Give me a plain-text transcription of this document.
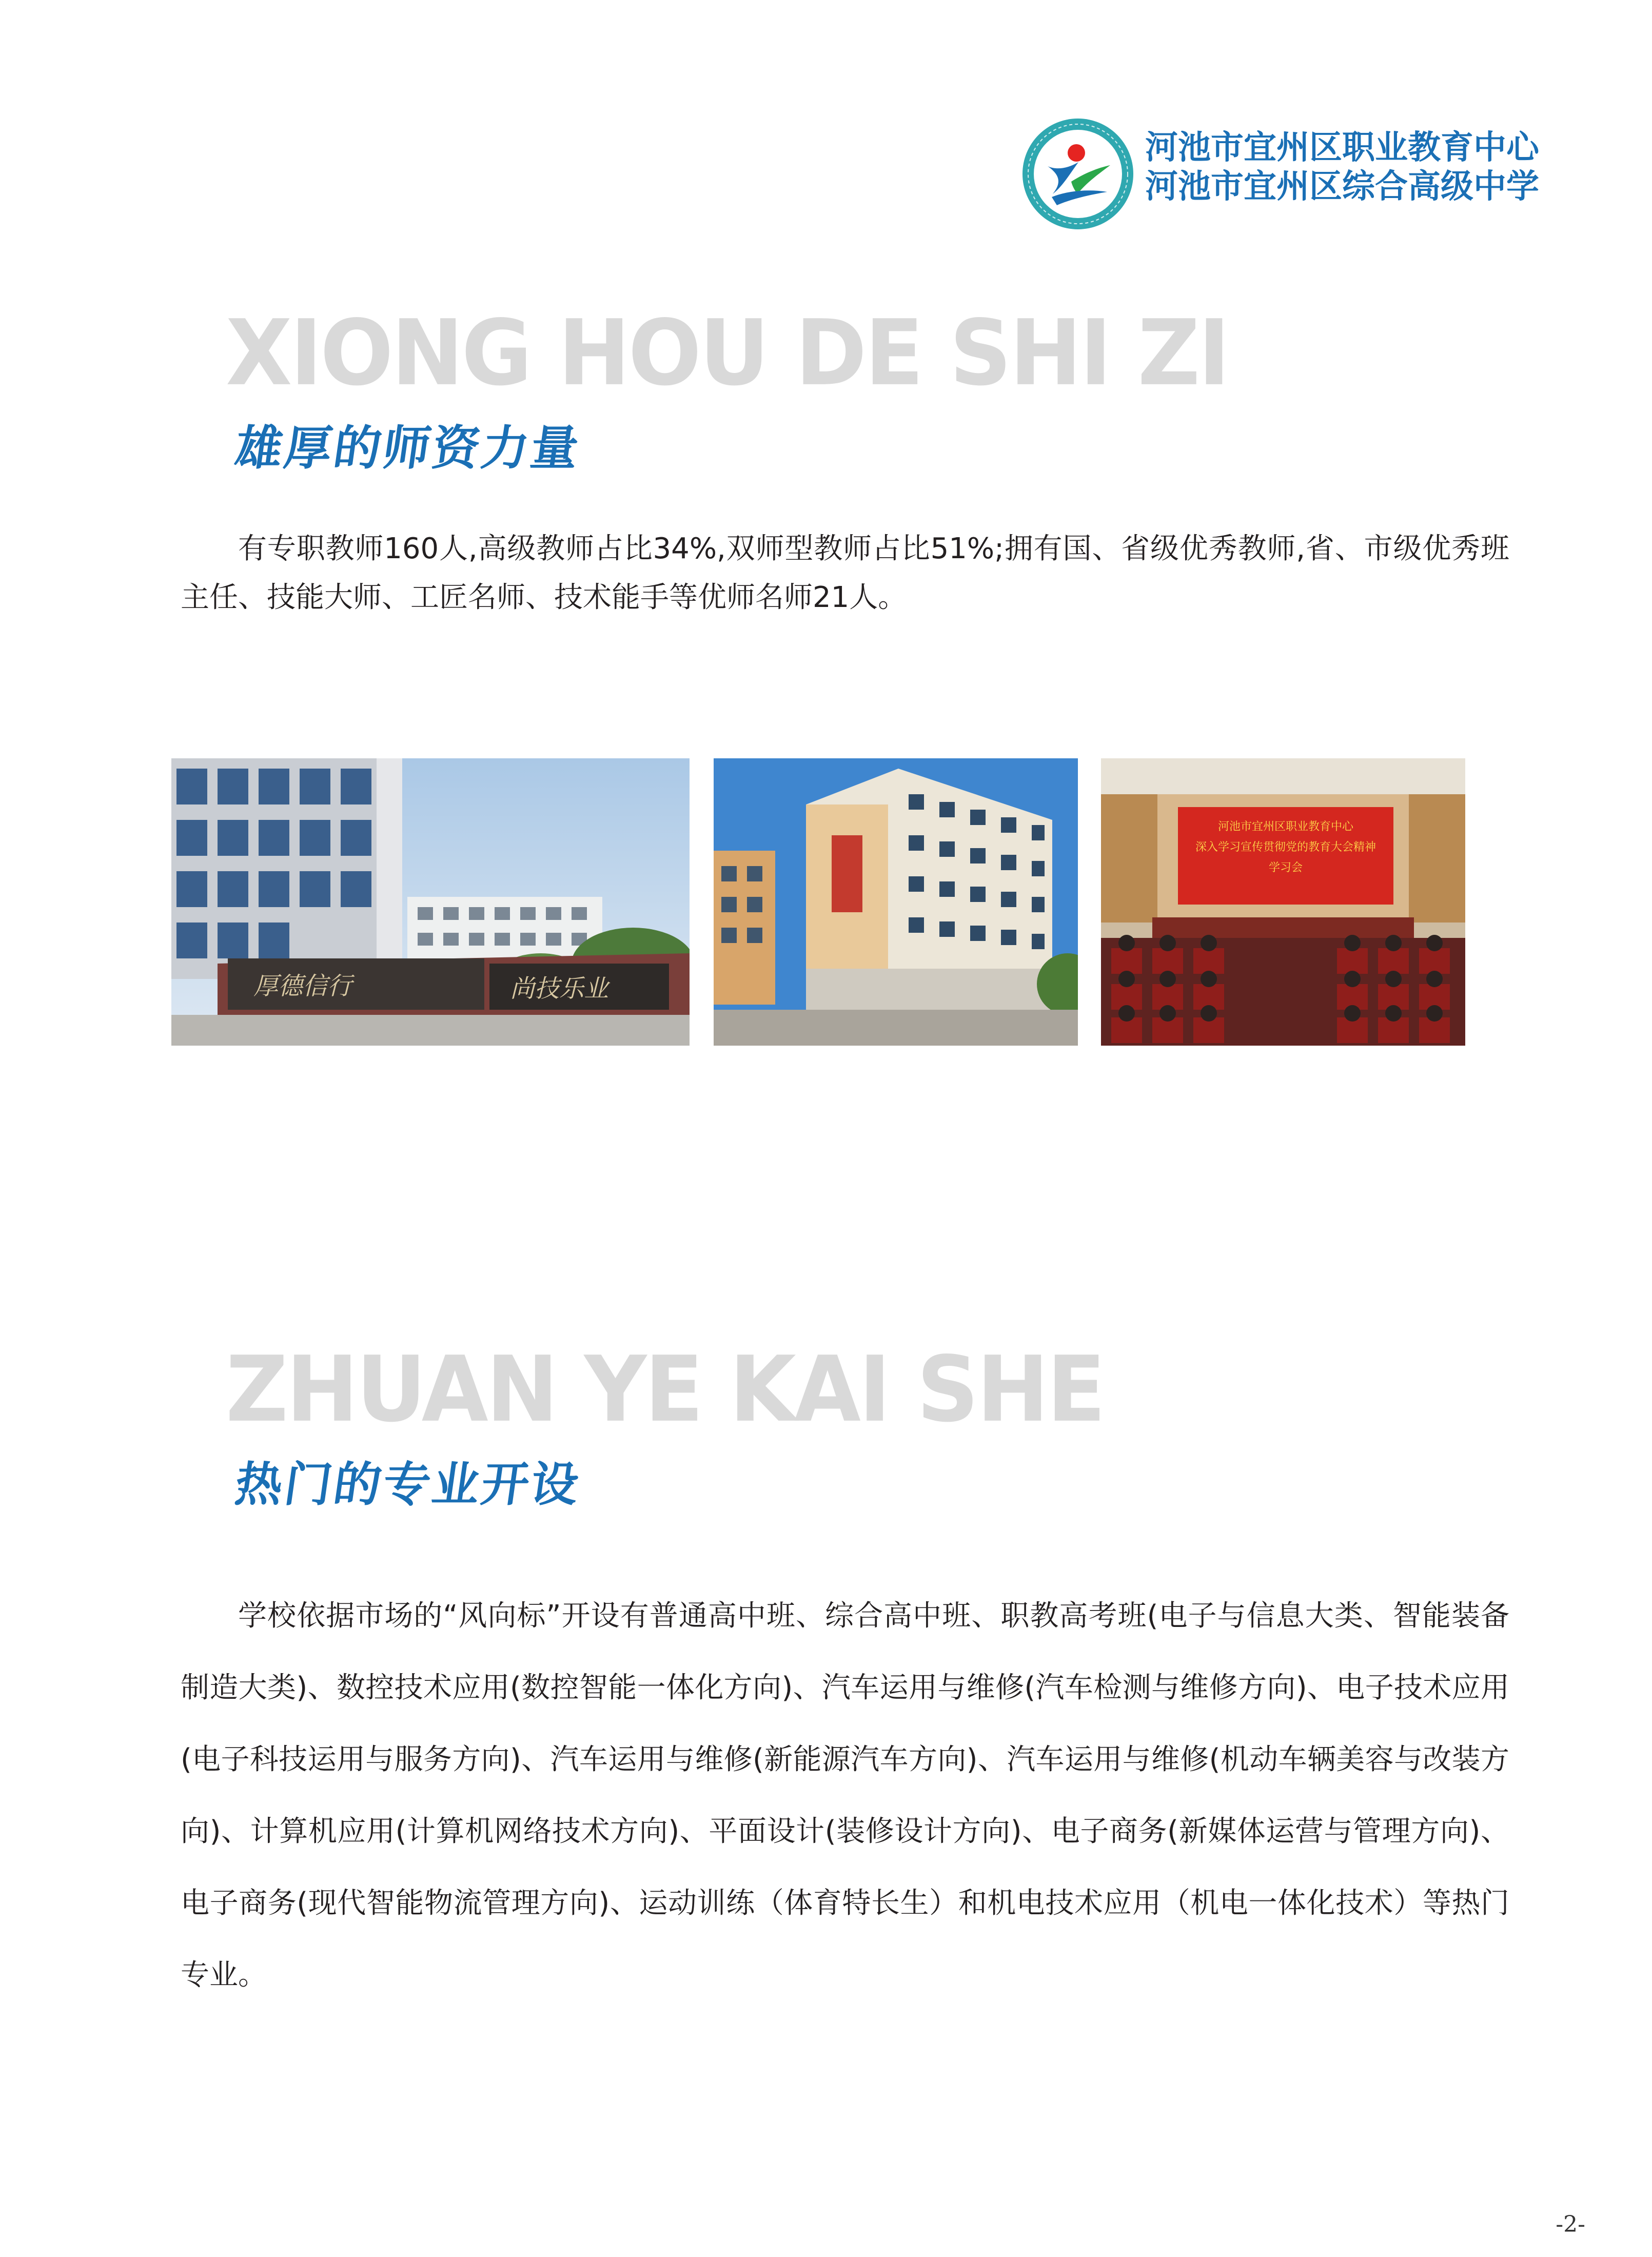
河池市宜州区职业教育中心
河池市宜州区综合高级中学
XIONG HOU DE SHI ZI
雄厚的师资力量
有专职教师160人,高级教师占比34%,双师型教师占比51%;拥有国、省级优秀教师,省、市级优秀班主任、技能大师、工匠名师、技术能手等优师名师21人。
厚德信行	尚技乐业
河池市宜州区职业教育中心
深入学习宣传贯彻党的教育大会精神
学习会
ZHUAN YE KAI SHE
热门的专业开设
学校依据市场的“风向标”开设有普通高中班、综合高中班、职教高考班(电子与信息大类、智能装备制造大类)、数控技术应用(数控智能一体化方向)、汽车运用与维修(汽车检测与维修方向)、电子技术应用(电子科技运用与服务方向)、汽车运用与维修(新能源汽车方向)、汽车运用与维修(机动车辆美容与改装方向)、计算机应用(计算机网络技术方向)、平面设计(装修设计方向)、电子商务(新媒体运营与管理方向)、电子商务(现代智能物流管理方向)、运动训练（体育特长生）和机电技术应用（机电一体化技术）等热门专业。
-2-
